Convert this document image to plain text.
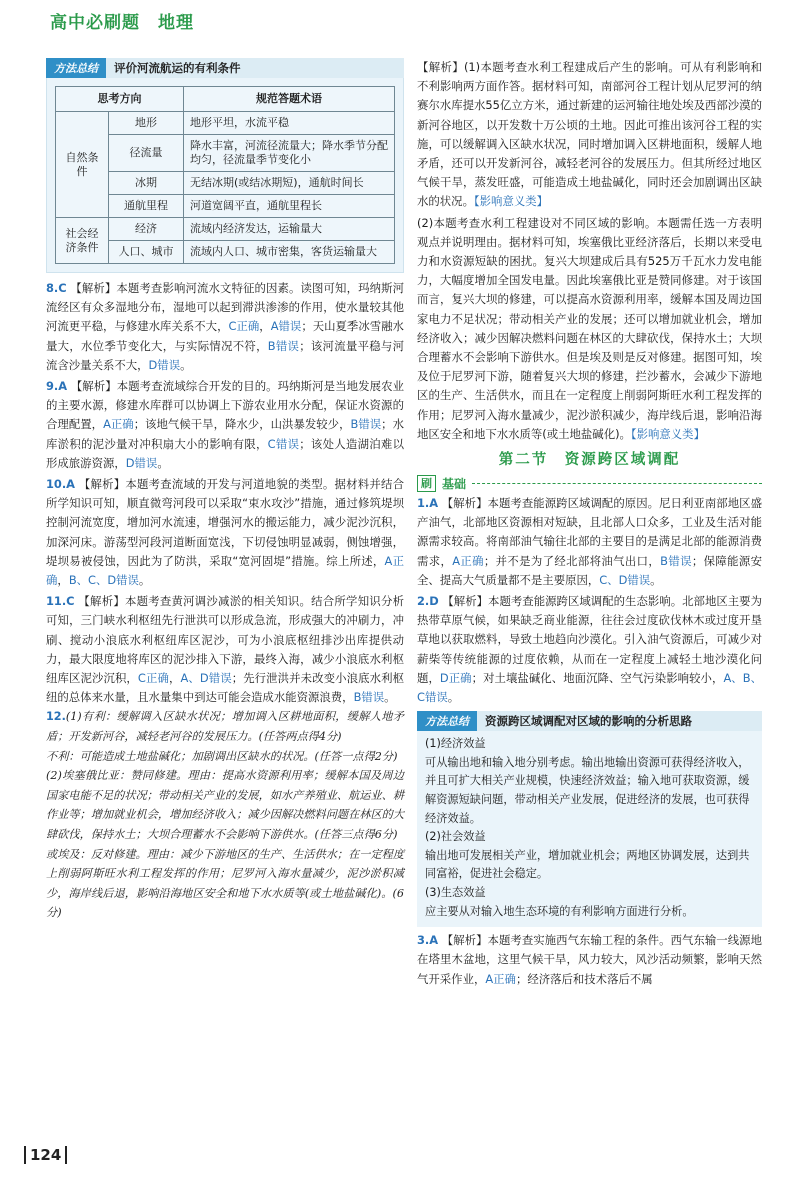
高中必刷题　地理
方法总结	评价河流航运的有利条件
思考方向		规范答题术语
自然条件	地形	地形平坦，水流平稳
	径流量	降水丰富，河流径流量大；降水季节分配均匀，径流量季节变化小
	冰期	无结冰期(或结冰期短)，通航时间长
	通航里程	河道宽阔平直，通航里程长
社会经济条件	经济	流域内经济发达，运输量大
	人口、城市	流域内人口、城市密集，客货运输量大

8.C 【解析】本题考查影响河流水文特征的因素。读图可知，玛纳斯河流经区有众多湿地分布，湿地可以起到滞洪渗渗的作用，使水量较其他河流更平稳，与修建水库关系不大，C正确，A错误；天山夏季冰雪融水量大，水位季节变化大，与实际情况不符，B错误；该河流量平稳与河流含沙量关系不大，D错误。

9.A 【解析】本题考查流域综合开发的目的。玛纳斯河是当地发展农业的主要水源，修建水库群可以协调上下游农业用水分配，保证水资源的合理配置，A正确；该地气候干旱，降水少，山洪暴发较少，B错误；水库淤积的泥沙量对冲积扇大小的影响有限，C错误；该处人造湖泊难以形成旅游资源，D错误。

10.A 【解析】本题考查流域的开发与河道地貌的类型。据材料并结合所学知识可知，顺直微弯河段可以采取“束水攻沙”措施，通过修筑堤坝控制河流宽度，增加河水流速，增强河水的搬运能力，减少泥沙沉积，加深河床。游荡型河段河道断面宽浅，下切侵蚀明显减弱，侧蚀增强，堤坝易被侵蚀，因此为了防洪，采取“宽河固堤”措施。综上所述，A正确，B、C、D错误。

11.C 【解析】本题考查黄河调沙减淤的相关知识。结合所学知识分析可知，三门峡水利枢纽先行泄洪可以形成急流，形成强大的冲刷力，冲刷、搅动小浪底水利枢纽库区泥沙，可为小浪底枢纽排沙出库提供动力，最大限度地将库区的泥沙排入下游，最终入海，减少小浪底水利枢纽库区泥沙沉积，C正确，A、D错误；先行泄洪并未改变小浪底水利枢纽的总体来水量，且水量集中到达可能会造成水能资源浪费，B错误。

12.(1)有利：缓解调入区缺水状况；增加调入区耕地面积，缓解人地矛盾；开发新河谷，减轻老河谷的发展压力。(任答两点得4分)
不利：可能造成土地盐碱化；加剧调出区缺水的状况。(任答一点得2分)
(2)埃塞俄比亚：赞同修建。理由：提高水资源利用率；缓解本国及周边国家电能不足的状况；带动相关产业的发展，如水产养殖业、航运业、耕作业等；增加就业机会，增加经济收入；减少因解决燃料问题在林区的大肆砍伐，保持水土；大坝合理蓄水不会影响下游供水。(任答三点得6分)
或埃及：反对修建。理由：减少下游地区的生产、生活供水；在一定程度上削弱阿斯旺水利工程发挥的作用；尼罗河入海水量减少，泥沙淤积减少，海岸线后退，影响沿海地区安全和地下水水质等(或土地盐碱化)。(6分)

【解析】(1)本题考查水利工程建成后产生的影响。可从有利影响和不利影响两方面作答。据材料可知，南部河谷工程计划从尼罗河的纳赛尔水库提水55亿立方米，通过新建的运河输往地处埃及西部沙漠的新河谷地区，以开发数十万公顷的土地。因此可推出该河谷工程的实施，可以缓解调入区缺水状况，同时增加调入区耕地面积，缓解人地矛盾，还可以开发新河谷，减轻老河谷的发展压力。但其所经过地区气候干旱，蒸发旺盛，可能造成土地盐碱化，同时还会加剧调出区缺水的状况。【影响意义类】

(2)本题考查水利工程建设对不同区域的影响。本题需任选一方表明观点并说明理由。据材料可知，埃塞俄比亚经济落后，长期以来受电力和水资源短缺的困扰。复兴大坝建成后具有525万千瓦水力发电能力，大幅度增加全国发电量。因此埃塞俄比亚是赞同修建。对于该国而言，复兴大坝的修建，可以提高水资源利用率，缓解本国及周边国家电力不足状况；带动相关产业的发展；还可以增加就业机会，增加经济收入；减少因解决燃料问题在林区的大肆砍伐，保持水土；大坝合理蓄水不会影响下游供水。但是埃及则是反对修建。据图可知，埃及位于尼罗河下游，随着复兴大坝的修建，拦沙蓄水，会减少下游地区的生产、生活供水，而且在一定程度上削弱阿斯旺水利工程发挥的作用；尼罗河入海水量减少，泥沙淤积减少，海岸线后退，影响沿海地区安全和地下水水质等(或土地盐碱化)。【影响意义类】

第二节　资源跨区域调配
刷 基础

1.A 【解析】本题考查能源跨区域调配的原因。尼日利亚南部地区盛产油气，北部地区资源相对短缺，且北部人口众多，工业及生活对能源需求较高。将南部油气输往北部的主要目的是满足北部的能源消费需求，A正确；并不是为了经北部将油气出口，B错误；保障能源安全、提高大气质量都不是主要原因，C、D错误。

2.D 【解析】本题考查能源跨区域调配的生态影响。北部地区主要为热带草原气候，如果缺乏商业能源，往往会过度砍伐林木或过度开垦草地以获取燃料，导致土地趋向沙漠化。引入油气资源后，可减少对薪柴等传统能源的过度依赖，从而在一定程度上减轻土地沙漠化问题，D正确；对土壤盐碱化、地面沉降、空气污染影响较小，A、B、C错误。

方法总结	资源跨区域调配对区域的影响的分析思路
(1)经济效益
可从输出地和输入地分别考虑。输出地输出资源可获得经济收入，并且可扩大相关产业规模，快速经济效益；输入地可获取资源，缓解资源短缺问题，带动相关产业发展，促进经济的发展，也可获得经济效益。
(2)社会效益
输出地可发展相关产业，增加就业机会；两地区协调发展，达到共同富裕，促进社会稳定。
(3)生态效益
应主要从对输入地生态环境的有利影响方面进行分析。

3.A 【解析】本题考查实施西气东输工程的条件。西气东输一线源地在塔里木盆地，这里气候干旱，风力较大，风沙活动频繁，影响天然气开采作业，A正确；经济落后和技术落后不属

124
